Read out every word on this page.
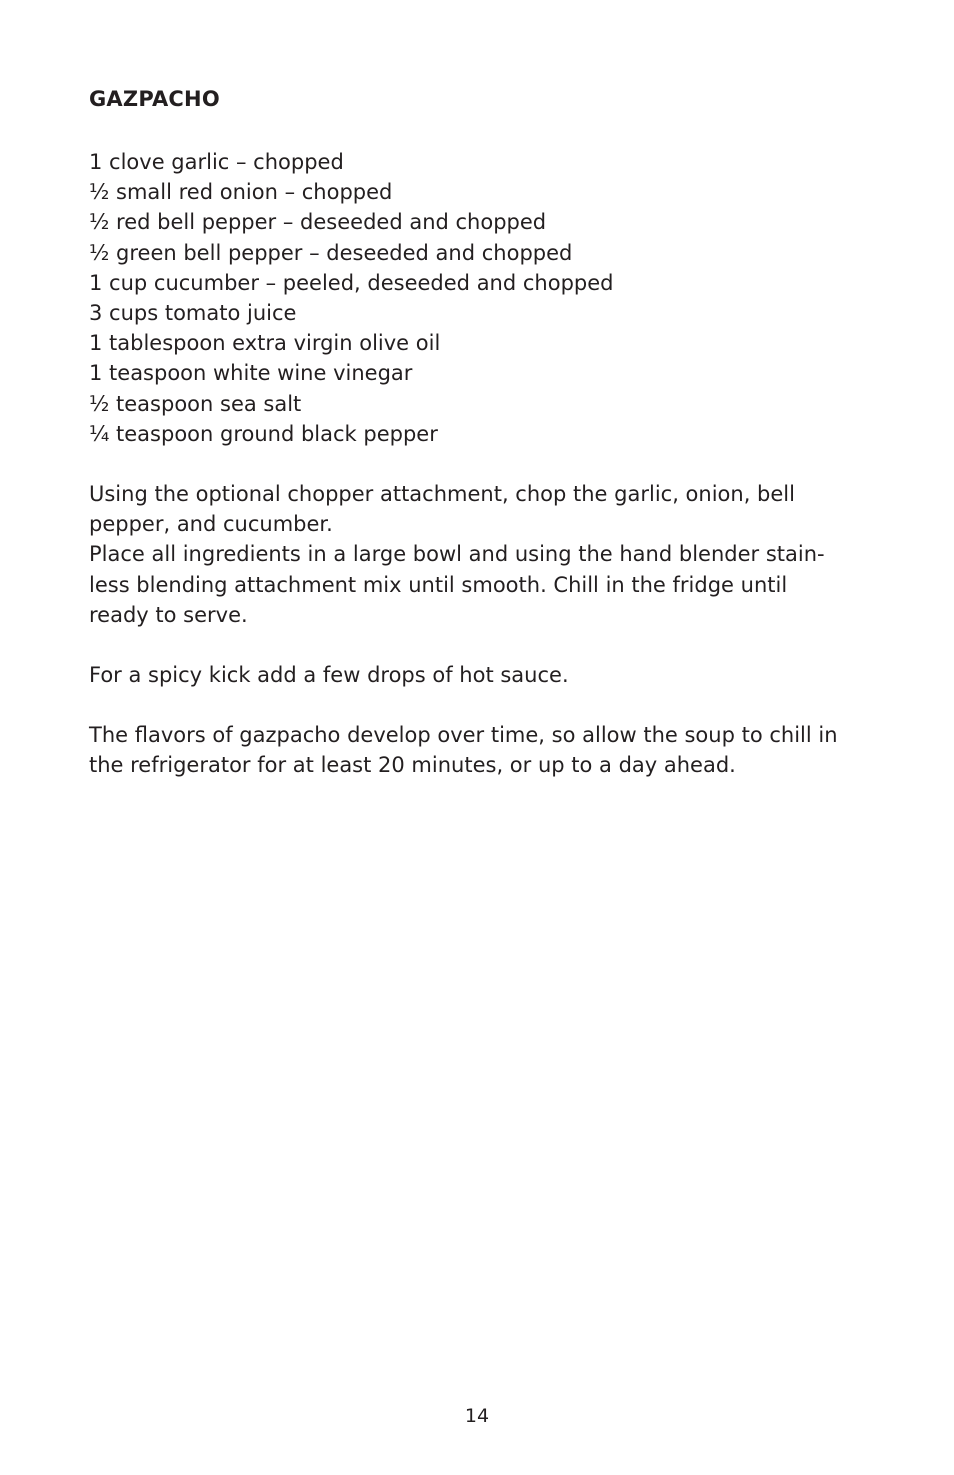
GAZPACHO
1 clove garlic – chopped
½ small red onion – chopped
½ red bell pepper – deseeded and chopped
½ green bell pepper – deseeded and chopped
1 cup cucumber – peeled, deseeded and chopped
3 cups tomato juice
1 tablespoon extra virgin olive oil
1 teaspoon white wine vinegar
½ teaspoon sea salt
¼ teaspoon ground black pepper

Using the optional chopper attachment, chop the garlic, onion, bell

pepper, and cucumber.

Place all ingredients in a large bowl and using the hand blender stain-

less blending attachment mix until smooth. Chill in the fridge until

ready to serve.

For a spicy kick add a few drops of hot sauce.

The flavors of gazpacho develop over time, so allow the soup to chill in

the refrigerator for at least 20 minutes, or up to a day ahead.

14
